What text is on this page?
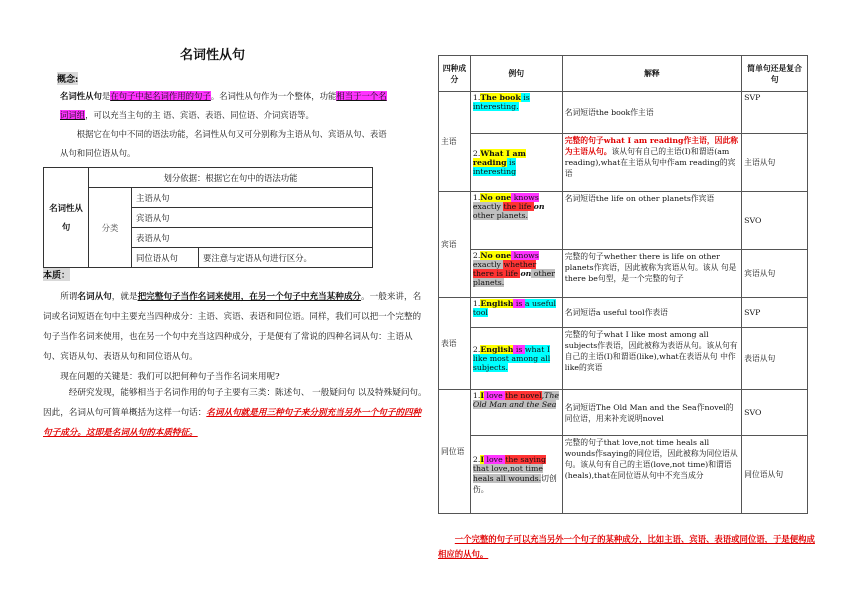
名词性从句
概念:
名词性从句是在句子中起名词作用的句子。名词性从句作为一个整体，功能相当于一个名词词组，可以充当主句的主 语、宾语、表语、同位语、介词宾语等。
根据它在句中不同的语法功能，名词性从句又可分别称为主语从句、宾语从句、表语从句和同位语从句。
名词性从句	划分依据：根据它在句中的语法功能		
	分类	主语从句	
		宾语从句	
		表语从句	
		同位语从句	要注意与定语从句进行区分。
本质：
所谓名词从句，就是把完整句子当作名词来使用，在另一个句子中充当某种成分。一般来讲，名词或名词短语在句中主要充当四种成分：主语、宾语、表语和同位语。同样，我们可以把一个完整的句子当作名词来使用，也在另一个句中充当这四种成分，于是便有了常说的四种名词从句：主语从句、宾语从句、表语从句和同位语从句。
现在问题的关键是：我们可以把何种句子当作名词来用呢?
经研究发现，能够相当于名词作用的句子主要有三类：陈述句、 一般疑问句 以及特殊疑问句。因此，名词从句可简单概括为这样一句话：名词从句就是用三种句子来分别充当另外一个句子的四种句子成分。这即是名词从句的本质特征。
四种成分	例句	解释	简单句还是复合句
主语	1.The book is interesting.	名词短语the book作主语	SVP
	2.What I am reading is interesting	完整的句子what I am reading作主语，因此称为主语从句。该从句有自己的主语(I)和谓语(am reading),what在主语从句中作am reading的宾语	主语从句
宾语	1.No one knows exactly the life on other planets.	名词短语the life on other planets作宾语	SVO
	2.No one knows exactly whether there is life on other planets.	完整的句子whether there is life on other planets作宾语，因此被称为宾语从句。该从 句是there be句型，是一个完整的句子	宾语从句
表语	1.English is a useful tool	名词短语a useful tool作表语	SVP
	2.English is what I like most among all subjects.	完整的句子what I like most among all subjects作表语，因此被称为表语从句。该从句有自己的主语(I)和谓语(like),what在表语从句 中作like的宾语	表语从句
同位语	1.I love the novel,The Old Man and the Sea	名词短语The Old Man and the Sea作novel的同位语，用来补充说明novel	SVO
	2.I love the saying that love,not time heals all wounds.切创伤。	完整的句子that love,not time heals all wounds作saying的同位语，因此被称为同位语从句。该从句有自己的主语(love,not time)和谓语(heals),that在同位语从句中不充当成分	同位语从句
一个完整的句子可以充当另外一个句子的某种成分，比如主语、宾语、表语或同位语，于是便构成相应的从句。
